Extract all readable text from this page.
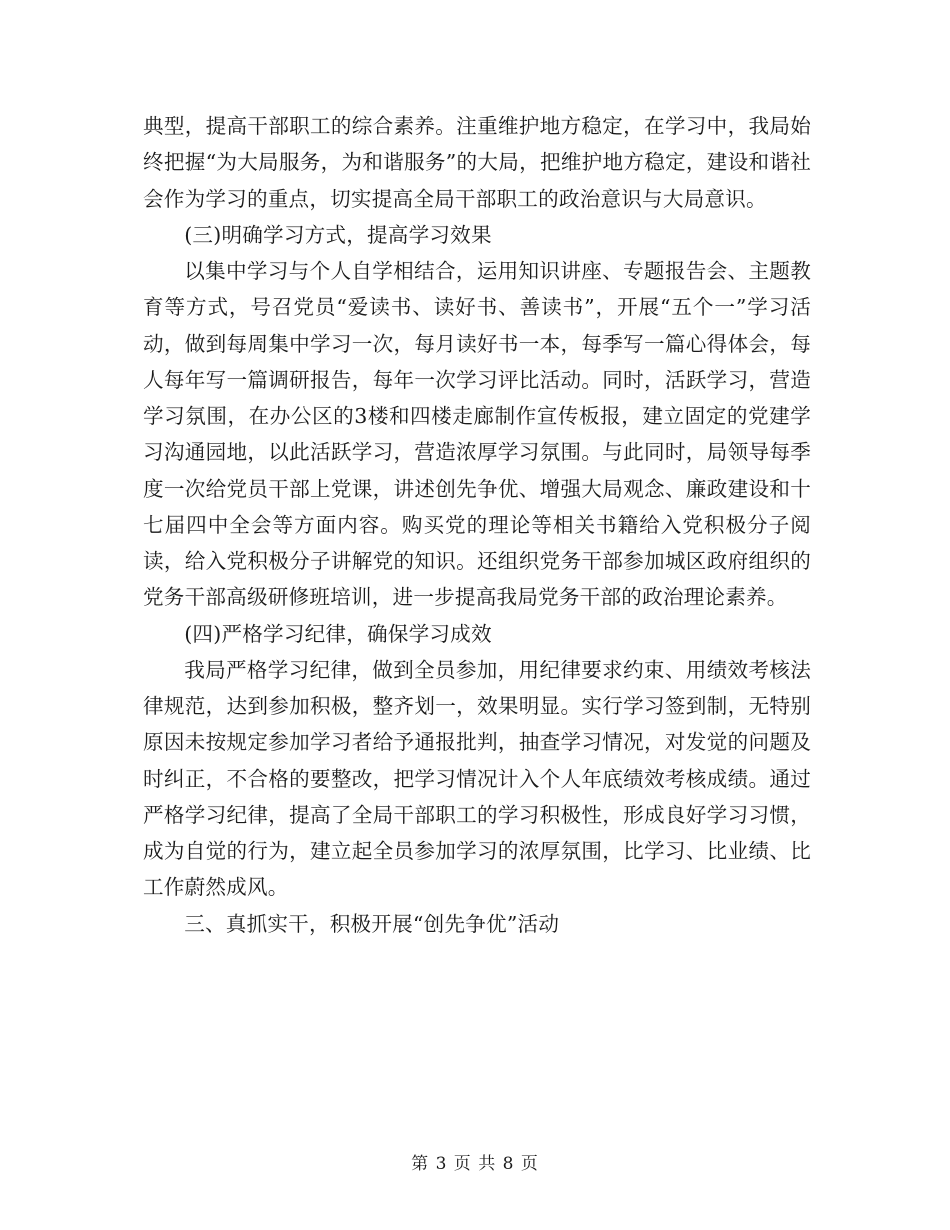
典型，提高干部职工的综合素养。注重维护地方稳定，在学习中，我局始终把握“为大局服务，为和谐服务”的大局，把维护地方稳定，建设和谐社会作为学习的重点，切实提高全局干部职工的政治意识与大局意识。

(三)明确学习方式，提高学习效果

以集中学习与个人自学相结合，运用知识讲座、专题报告会、主题教育等方式，号召党员“爱读书、读好书、善读书”，开展“五个一”学习活动，做到每周集中学习一次，每月读好书一本，每季写一篇心得体会，每人每年写一篇调研报告，每年一次学习评比活动。同时，活跃学习，营造学习氛围，在办公区的3楼和四楼走廊制作宣传板报，建立固定的党建学习沟通园地，以此活跃学习，营造浓厚学习氛围。与此同时，局领导每季度一次给党员干部上党课，讲述创先争优、增强大局观念、廉政建设和十七届四中全会等方面内容。购买党的理论等相关书籍给入党积极分子阅读，给入党积极分子讲解党的知识。还组织党务干部参加城区政府组织的党务干部高级研修班培训，进一步提高我局党务干部的政治理论素养。

(四)严格学习纪律，确保学习成效

我局严格学习纪律，做到全员参加，用纪律要求约束、用绩效考核法律规范，达到参加积极，整齐划一，效果明显。实行学习签到制，无特别原因未按规定参加学习者给予通报批判，抽查学习情况，对发觉的问题及时纠正，不合格的要整改，把学习情况计入个人年底绩效考核成绩。通过严格学习纪律，提高了全局干部职工的学习积极性，形成良好学习习惯，成为自觉的行为，建立起全员参加学习的浓厚氛围，比学习、比业绩、比工作蔚然成风。

三、真抓实干，积极开展“创先争优”活动

第 3 页 共 8 页
